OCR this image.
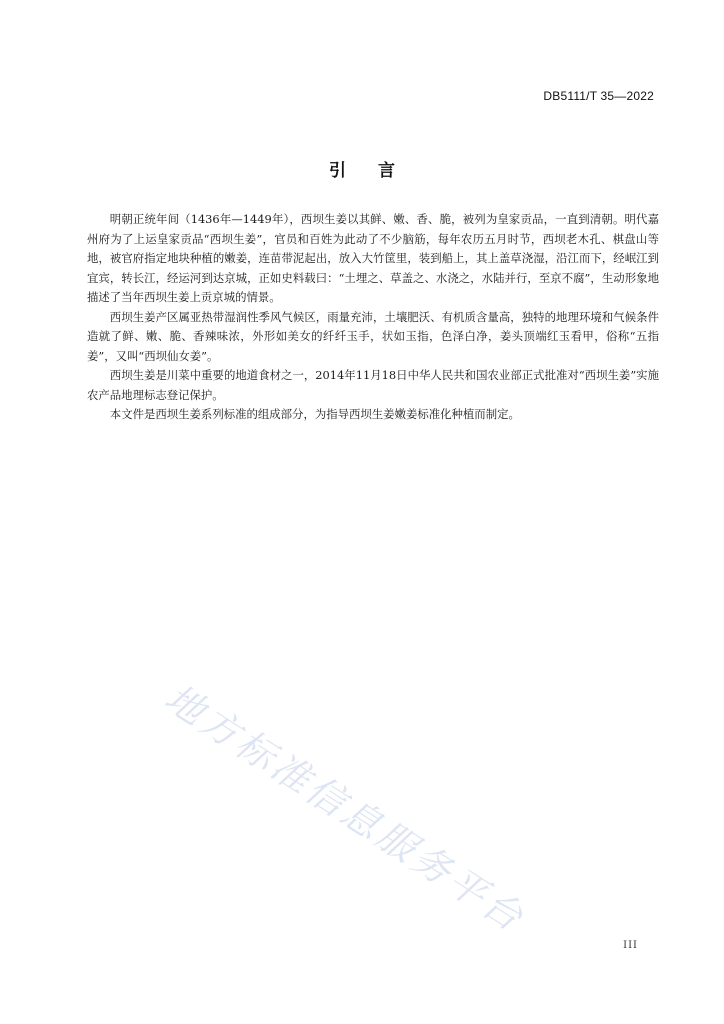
DB5111/T 35—2022
引 言

明朝正统年间（1436年—1449年），西坝生姜以其鲜、嫩、香、脆，被列为皇家贡品，一直到清朝。明代嘉州府为了上运皇家贡品“西坝生姜”，官员和百姓为此动了不少脑筋，每年农历五月时节，西坝老木孔、棋盘山等地，被官府指定地块种植的嫩姜，连苗带泥起出，放入大竹筐里，装到船上，其上盖草浇湿，沿江而下，经岷江到宜宾，转长江，经运河到达京城，正如史料载曰：“土埋之、草盖之、水浇之，水陆并行，至京不腐”，生动形象地描述了当年西坝生姜上贡京城的情景。

西坝生姜产区属亚热带湿润性季风气候区，雨量充沛，土壤肥沃、有机质含量高，独特的地理环境和气候条件造就了鲜、嫩、脆、香辣味浓，外形如美女的纤纤玉手，状如玉指，色泽白净，姜头顶端红玉看甲，俗称“五指姜”，又叫“西坝仙女姜”。

西坝生姜是川菜中重要的地道食材之一，2014年11月18日中华人民共和国农业部正式批准对“西坝生姜”实施农产品地理标志登记保护。

本文件是西坝生姜系列标准的组成部分，为指导西坝生姜嫩姜标准化种植而制定。

地方标准信息服务平台
III
